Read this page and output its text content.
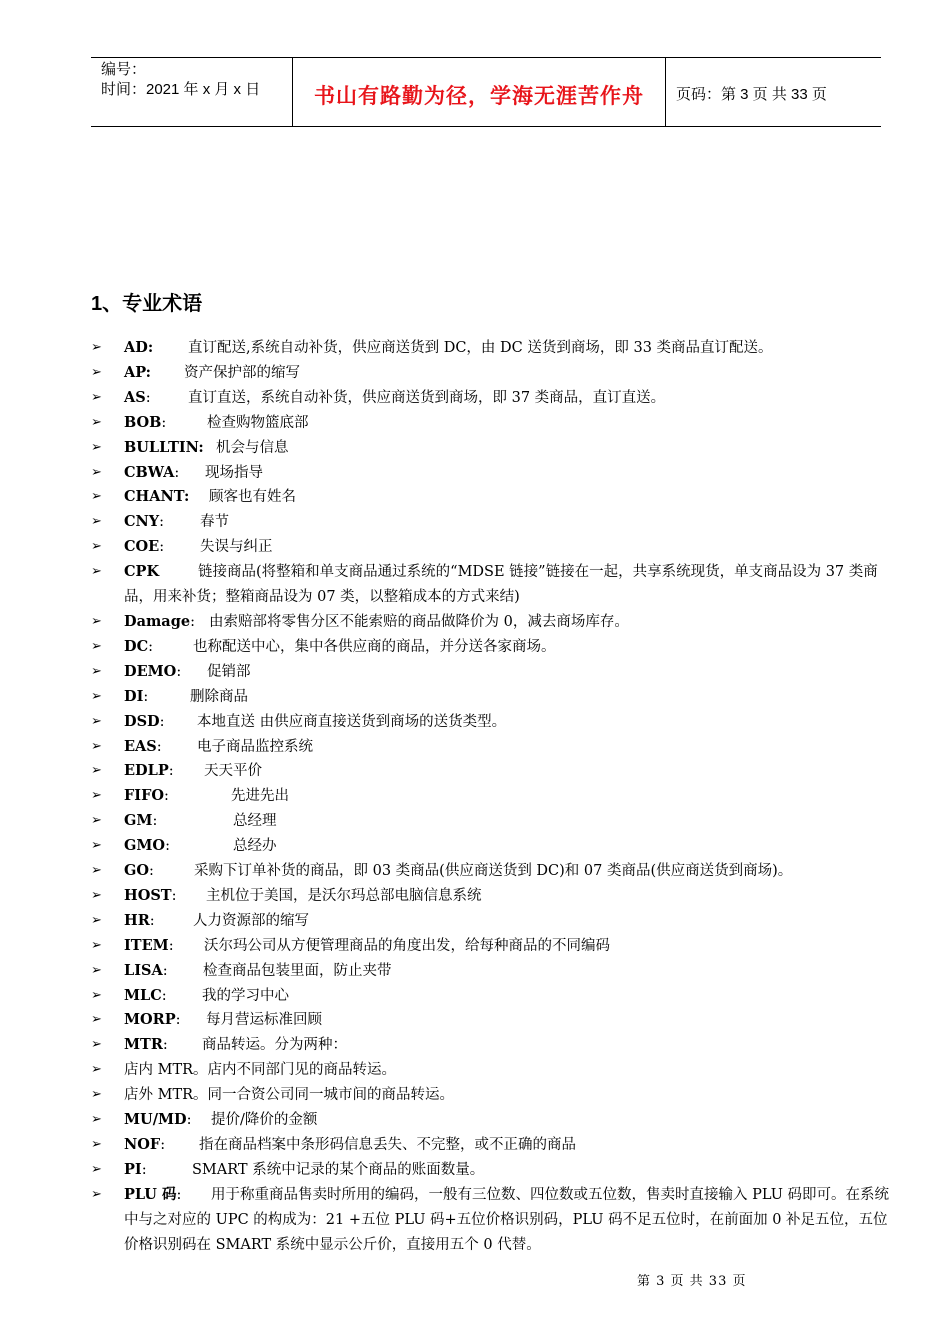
编号：
时间：2021 年 x 月 x 日	书山有路勤为径，学海无涯苦作舟	页码：第 3 页 共 33 页
1、专业术语
➢ AD: 直订配送,系统自动补货，供应商送货到 DC，由 DC 送货到商场，即 33 类商品直订配送。
➢ AP: 资产保护部的缩写
➢ AS:	直订直送，系统自动补货，供应商送货到商场，即 37 类商品，直订直送。
➢ BOB:	检查购物篮底部
➢ BULLTIN: 机会与信息
➢ CBWA: 现场指导
➢ CHANT: 顾客也有姓名
➢ CNY: 春节
➢ COE: 失误与纠正
➢ CPK	链接商品(将整箱和单支商品通过系统的“MDSE 链接”链接在一起，共享系统现货，单支商品设为 37 类商品，用来补货；整箱商品设为 07 类，以整箱成本的方式来结)
➢ Damage: 由索赔部将零售分区不能索赔的商品做降价为 0，减去商场库存。
➢ DC:	也称配送中心，集中各供应商的商品，并分送各家商场。
➢ DEMO: 促销部
➢ DI:	删除商品
➢ DSD: 本地直送 由供应商直接送货到商场的送货类型。
➢ EAS: 电子商品监控系统
➢ EDLP: 天天平价
➢ FIFO:	先进先出
➢ GM:	总经理
➢ GMO:	总经办
➢ GO:	采购下订单补货的商品，即 03 类商品(供应商送货到 DC)和 07 类商品(供应商送货到商场)。
➢ HOST: 主机位于美国，是沃尔玛总部电脑信息系统
➢ HR:	人力资源部的缩写
➢ ITEM: 沃尔玛公司从方便管理商品的角度出发，给每种商品的不同编码
➢ LISA: 检查商品包装里面，防止夹带
➢ MLC: 我的学习中心
➢ MORP: 每月营运标准回顾
➢ MTR: 商品转运。分为两种：
➢ 店内 MTR。店内不同部门见的商品转运。
➢ 店外 MTR。同一合资公司同一城市间的商品转运。
➢ MU/MD: 提价/降价的金额
➢ NOF: 指在商品档案中条形码信息丢失、不完整，或不正确的商品
➢ PI:	SMART 系统中记录的某个商品的账面数量。
➢ PLU 码: 用于称重商品售卖时所用的编码，一般有三位数、四位数或五位数，售卖时直接输入 PLU 码即可。在系统中与之对应的 UPC 的构成为：21 +五位 PLU 码+五位价格识别码，PLU 码不足五位时，在前面加 0 补足五位，五位价格识别码在 SMART 系统中显示公斤价，直接用五个 0 代替。
第 3 页 共 33 页
